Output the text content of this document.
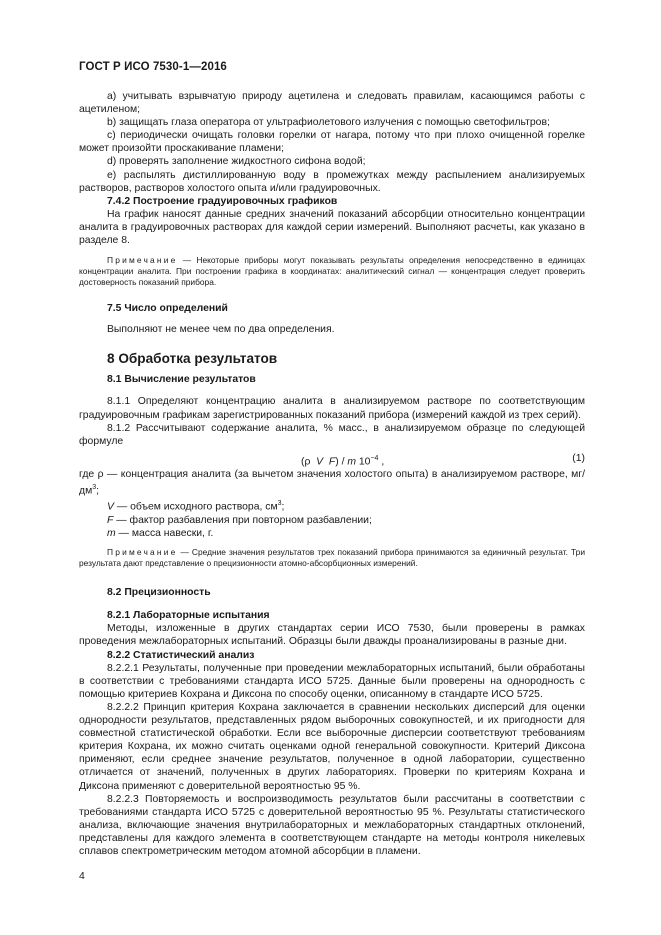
ГОСТ Р ИСО 7530-1—2016

а) учитывать взрывчатую природу ацетилена и следовать правилам, касающимся работы с ацетиленом;

b) защищать глаза оператора от ультрафиолетового излучения с помощью светофильтров;

c) периодически очищать головки горелки от нагара, потому что при плохо очищенной горелке может произойти проскакивание пламени;

d) проверять заполнение жидкостного сифона водой;

e) распылять дистиллированную воду в промежутках между распылением анализируемых растворов, растворов холостого опыта и/или градуировочных.

7.4.2 Построение градуировочных графиков

На график наносят данные средних значений показаний абсорбции относительно концентрации аналита в градуировочных растворах для каждой серии измерений. Выполняют расчеты, как указано в разделе 8.

Примечание — Некоторые приборы могут показывать результаты определения непосредственно в единицах концентрации аналита. При построении графика в координатах: аналитический сигнал — концентрация следует проверить достоверность показаний прибора.

7.5 Число определений

Выполняют не менее чем по два определения.

8 Обработка результатов

8.1 Вычисление результатов

8.1.1 Определяют концентрацию аналита в анализируемом растворе по соответствующим градуировочным графикам зарегистрированных показаний прибора (измерений каждой из трех серий).

8.1.2 Рассчитывают содержание аналита, % масс., в анализируемом образце по следующей формуле

(ρ V F) / m $10^{-4}$ ,	(1)

где ρ — концентрация аналита (за вычетом значения холостого опыта) в анализируемом растворе, $мг/дм^3$;

V — объем исходного раствора, $см^3$;

F — фактор разбавления при повторном разбавлении;

m — масса навески, г.

Примечание — Средние значения результатов трех показаний прибора принимаются за единичный результат. Три результата дают представление о прецизионности атомно-абсорбционных измерений.

8.2 Прецизионность

8.2.1 Лабораторные испытания

Методы, изложенные в других стандартах серии ИСО 7530, были проверены в рамках проведения межлабораторных испытаний. Образцы были дважды проанализированы в разные дни.

8.2.2 Статистический анализ

8.2.2.1 Результаты, полученные при проведении межлабораторных испытаний, были обработаны в соответствии с требованиями стандарта ИСО 5725. Данные были проверены на однородность с помощью критериев Кохрана и Диксона по способу оценки, описанному в стандарте ИСО 5725.

8.2.2.2 Принцип критерия Кохрана заключается в сравнении нескольких дисперсий для оценки однородности результатов, представленных рядом выборочных совокупностей, и их пригодности для совместной статистической обработки. Если все выборочные дисперсии соответствуют требованиям критерия Кохрана, их можно считать оценками одной генеральной совокупности. Критерий Диксона применяют, если среднее значение результатов, полученное в одной лаборатории, существенно отличается от значений, полученных в других лабораториях. Проверки по критериям Кохрана и Диксона применяют с доверительной вероятностью 95 %.

8.2.2.3 Повторяемость и воспроизводимость результатов были рассчитаны в соответствии с требованиями стандарта ИСО 5725 с доверительной вероятностью 95 %. Результаты статистического анализа, включающие значения внутрилабораторных и межлабораторных стандартных отклонений, представлены для каждого элемента в соответствующем стандарте на методы контроля никелевых сплавов спектрометрическим методом атомной абсорбции в пламени.

4
